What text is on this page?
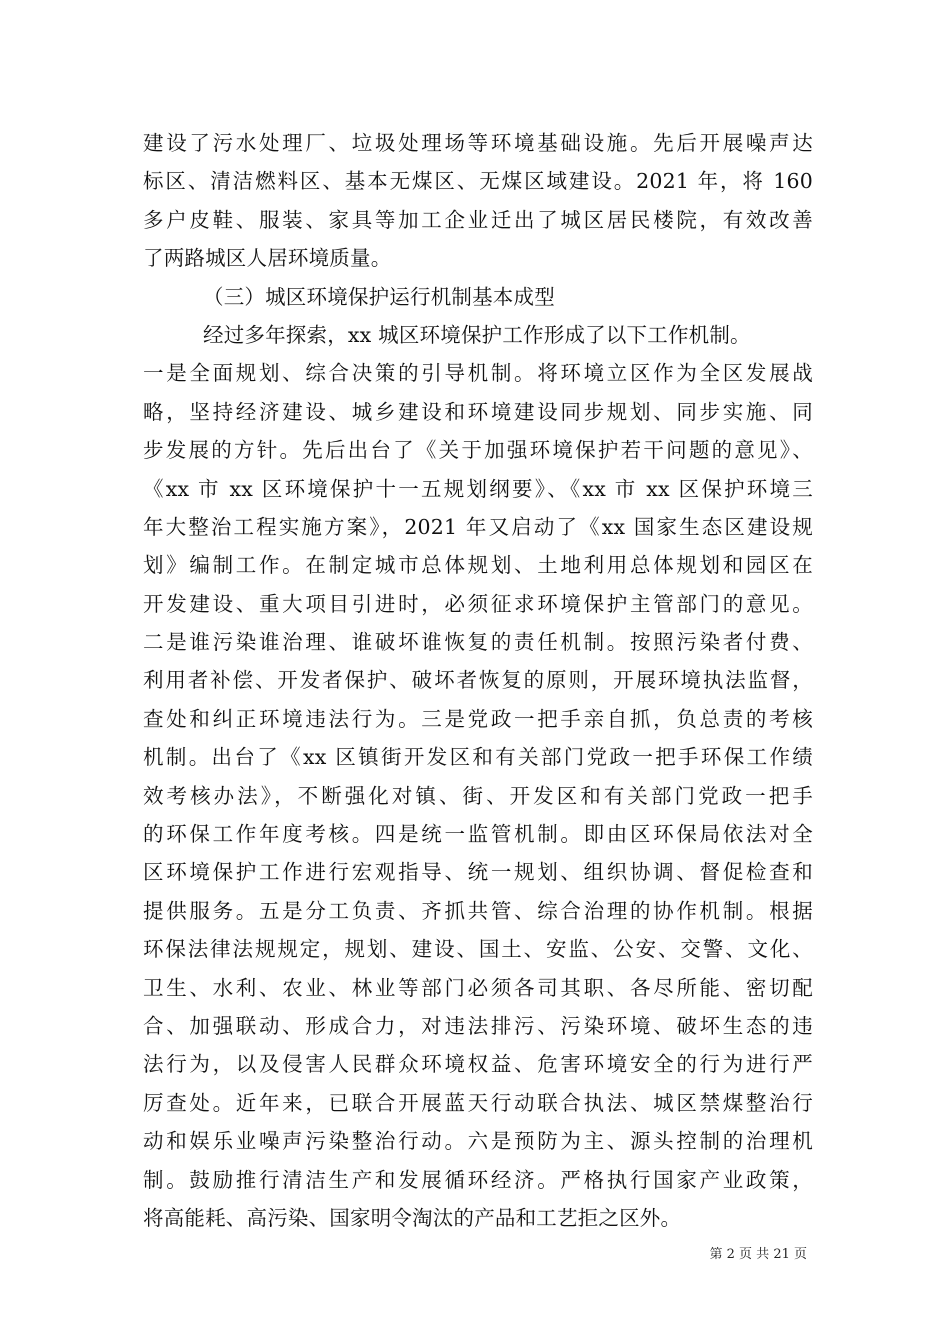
建设了污水处理厂、垃圾处理场等环境基础设施。先后开展噪声达
标区、清洁燃料区、基本无煤区、无煤区域建设。2021 年，将 160
多户皮鞋、服装、家具等加工企业迁出了城区居民楼院，有效改善
了两路城区人居环境质量。
（三）城区环境保护运行机制基本成型
经过多年探索，xx 城区环境保护工作形成了以下工作机制。
一是全面规划、综合决策的引导机制。将环境立区作为全区发展战
略，坚持经济建设、城乡建设和环境建设同步规划、同步实施、同
步发展的方针。先后出台了《关于加强环境保护若干问题的意见》、
《xx 市 xx 区环境保护十一五规划纲要》、《xx 市 xx 区保护环境三
年大整治工程实施方案》，2021 年又启动了《xx 国家生态区建设规
划》编制工作。在制定城市总体规划、土地利用总体规划和园区在
开发建设、重大项目引进时，必须征求环境保护主管部门的意见。
二是谁污染谁治理、谁破坏谁恢复的责任机制。按照污染者付费、
利用者补偿、开发者保护、破坏者恢复的原则，开展环境执法监督，
查处和纠正环境违法行为。三是党政一把手亲自抓，负总责的考核
机制。出台了《xx 区镇街开发区和有关部门党政一把手环保工作绩
效考核办法》，不断强化对镇、街、开发区和有关部门党政一把手
的环保工作年度考核。四是统一监管机制。即由区环保局依法对全
区环境保护工作进行宏观指导、统一规划、组织协调、督促检查和
提供服务。五是分工负责、齐抓共管、综合治理的协作机制。根据
环保法律法规规定，规划、建设、国土、安监、公安、交警、文化、
卫生、水利、农业、林业等部门必须各司其职、各尽所能、密切配
合、加强联动、形成合力，对违法排污、污染环境、破坏生态的违
法行为，以及侵害人民群众环境权益、危害环境安全的行为进行严
厉查处。近年来，已联合开展蓝天行动联合执法、城区禁煤整治行
动和娱乐业噪声污染整治行动。六是预防为主、源头控制的治理机
制。鼓励推行清洁生产和发展循环经济。严格执行国家产业政策，
将高能耗、高污染、国家明令淘汰的产品和工艺拒之区外。
第 2 页 共 21 页
